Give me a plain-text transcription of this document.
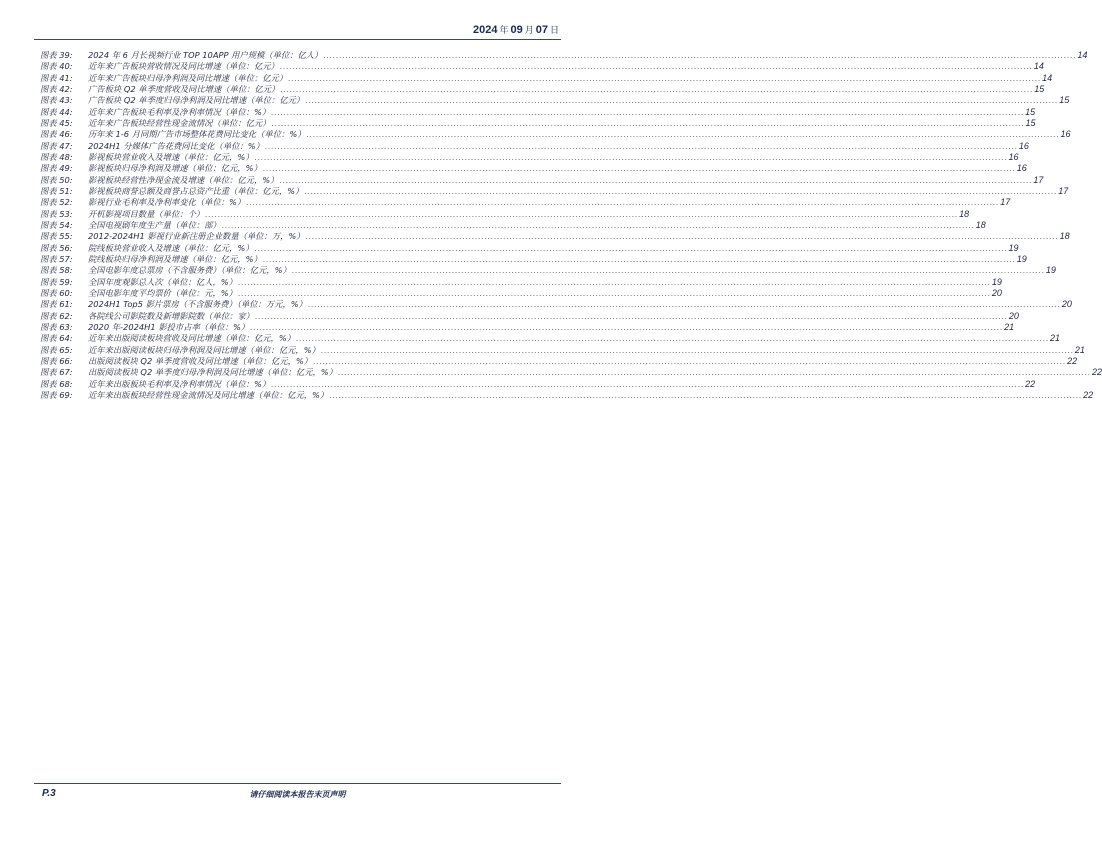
2024 年 09 月 07 日
图表 39:	2024 年 6 月长视频行业 TOP 10APP 用户规模（单位：亿人） .....	14
图表 40:	近年来广告板块营收情况及同比增速（单位：亿元） .....	14
图表 41:	近年来广告板块归母净利润及同比增速（单位：亿元） .....	14
图表 42:	广告板块 Q2 单季度营收及同比增速（单位：亿元） .....	15
图表 43:	广告板块 Q2 单季度归母净利润及同比增速（单位：亿元） .....	15
图表 44:	近年来广告板块毛利率及净利率情况（单位：%） .....	15
图表 45:	近年来广告板块经营性现金流情况（单位：亿元） .....	15
图表 46:	历年来 1-6 月同期广告市场整体花费同比变化（单位：%） .....	16
图表 47:	2024H1 分媒体广告花费同比变化（单位：%） .....	16
图表 48:	影视板块营业收入及增速（单位：亿元，%） .....	16
图表 49:	影视板块归母净利润及增速（单位：亿元，%） .....	16
图表 50:	影视板块经营性净现金流及增速（单位：亿元，%） .....	17
图表 51:	影视板块商誉总额及商誉占总资产比重（单位：亿元，%） .....	17
图表 52:	影视行业毛利率及净利率变化（单位：%） .....	17
图表 53:	开机影视项目数量（单位：个） .....	18
图表 54:	全国电视剧年度生产量（单位：部） .....	18
图表 55:	2012-2024H1 影视行业新注册企业数量（单位：万，%） .....	18
图表 56:	院线板块营业收入及增速（单位：亿元，%） .....	19
图表 57:	院线板块归母净利润及增速（单位：亿元，%） .....	19
图表 58:	全国电影年度总票房（不含服务费）（单位：亿元，%） .....	19
图表 59:	全国年度观影总人次（单位：亿人，%） .....	19
图表 60:	全国电影年度平均票价（单位：元，%） .....	20
图表 61:	2024H1 Top5 影片票房（不含服务费）（单位：万元，%） .....	20
图表 62:	各院线公司影院数及新增影院数（单位：家） .....	20
图表 63:	2020 年-2024H1 影投市占率（单位：%） .....	21
图表 64:	近年来出版阅读板块营收及同比增速（单位：亿元，%） .....	21
图表 65:	近年来出版阅读板块归母净利润及同比增速（单位：亿元，%） .....	21
图表 66:	出版阅读板块 Q2 单季度营收及同比增速（单位：亿元，%） .....	22
图表 67:	出版阅读板块 Q2 单季度归母净利润及同比增速（单位：亿元，%） .....	22
图表 68:	近年来出版板块毛利率及净利率情况（单位：%） .....	22
图表 69:	近年来出版板块经营性现金流情况及同比增速（单位：亿元，%） .....	22
P.3	请仔细阅读本报告末页声明
